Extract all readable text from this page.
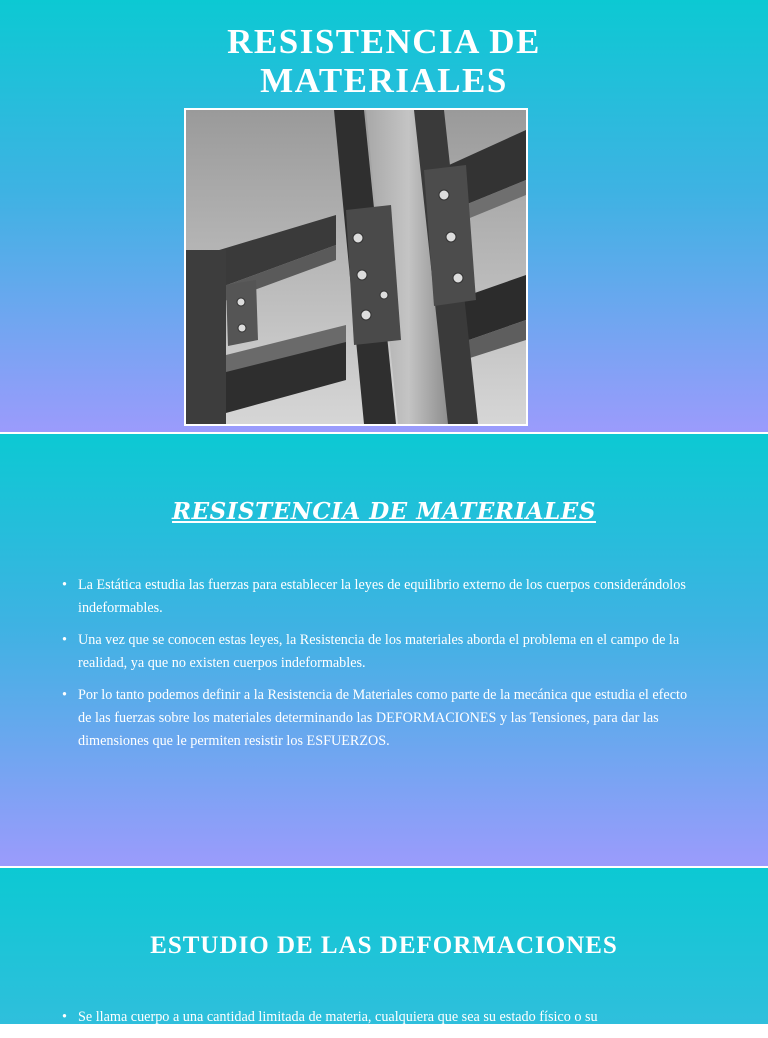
RESISTENCIA DE
MATERIALES
RESISTENCIA DE MATERIALES
• La Estática estudia las fuerzas para establecer la leyes de equilibrio externo de los cuerpos considerándolos indeformables.
• Una vez que se conocen estas leyes, la Resistencia de los materiales aborda el problema en el campo de la realidad, ya que no existen cuerpos indeformables.
• Por lo tanto podemos definir a la Resistencia de Materiales como parte de la mecánica que estudia el efecto de las fuerzas sobre los materiales determinando las DEFORMACIONES y las Tensiones, para dar las dimensiones que le permiten resistir los ESFUERZOS.
ESTUDIO DE LAS DEFORMACIONES
• Se llama cuerpo a una cantidad limitada de materia, cualquiera que sea su estado físico o su
